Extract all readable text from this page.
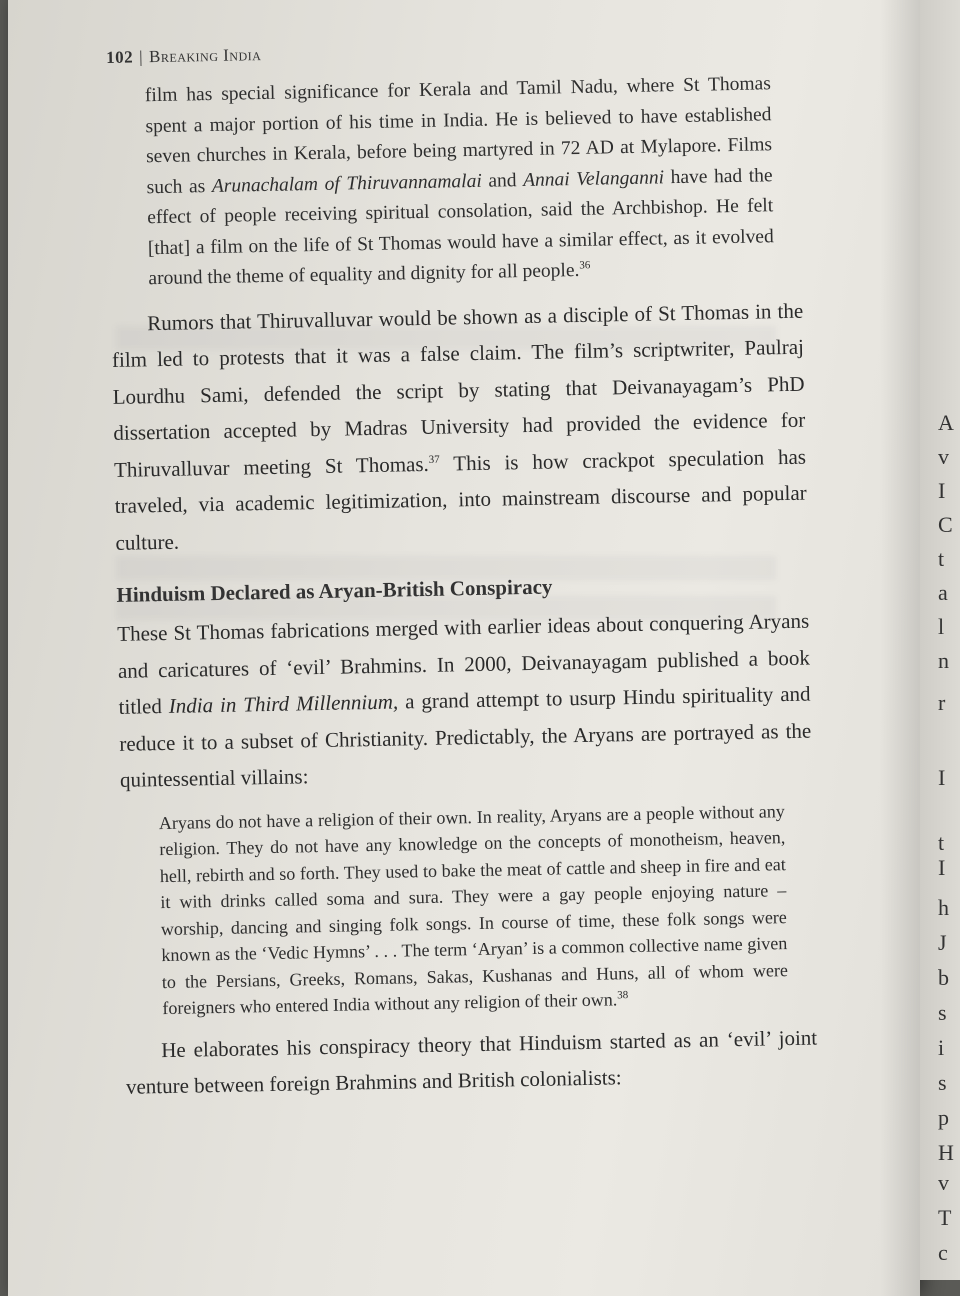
102 | Breaking India

film has special significance for Kerala and Tamil Nadu, where St Thomas spent a major portion of his time in India. He is believed to have established seven churches in Kerala, before being martyred in 72 AD at Mylapore. Films such as Arunachalam of Thiruvannamalai and Annai Velanganni have had the effect of people receiving spiritual consolation, said the Archbishop. He felt [that] a film on the life of St Thomas would have a similar effect, as it evolved around the theme of equality and dignity for all people.$^{36}$

Rumors that Thiruvalluvar would be shown as a disciple of St Thomas in the film led to protests that it was a false claim. The film’s scriptwriter, Paulraj Lourdhu Sami, defended the script by stating that Deivanayagam’s PhD dissertation accepted by Madras University had provided the evidence for Thiruvalluvar meeting St Thomas.$^{37}$ This is how crackpot speculation has traveled, via academic legitimization, into mainstream discourse and popular culture.

Hinduism Declared as Aryan-British Conspiracy

These St Thomas fabrications merged with earlier ideas about conquering Aryans and caricatures of ‘evil’ Brahmins. In 2000, Deivanayagam published a book titled India in Third Millennium, a grand attempt to usurp Hindu spirituality and reduce it to a subset of Christianity. Predictably, the Aryans are portrayed as the quintessential villains:

Aryans do not have a religion of their own. In reality, Aryans are a people without any religion. They do not have any knowledge on the concepts of monotheism, heaven, hell, rebirth and so forth. They used to bake the meat of cattle and sheep in fire and eat it with drinks called soma and sura. They were a gay people enjoying nature – worship, dancing and singing folk songs. In course of time, these folk songs were known as the ‘Vedic Hymns’ . . . The term ‘Aryan’ is a common collective name given to the Persians, Greeks, Romans, Sakas, Kushanas and Huns, all of whom were foreigners who entered India without any religion of their own.$^{38}$

He elaborates his conspiracy theory that Hinduism started as an ‘evil’ joint venture between foreign Brahmins and British colonialists:

A
v
I
C
t
a
l
n
r
I
t
I
h
J
b
s
i
s
p
H
v
T
c
